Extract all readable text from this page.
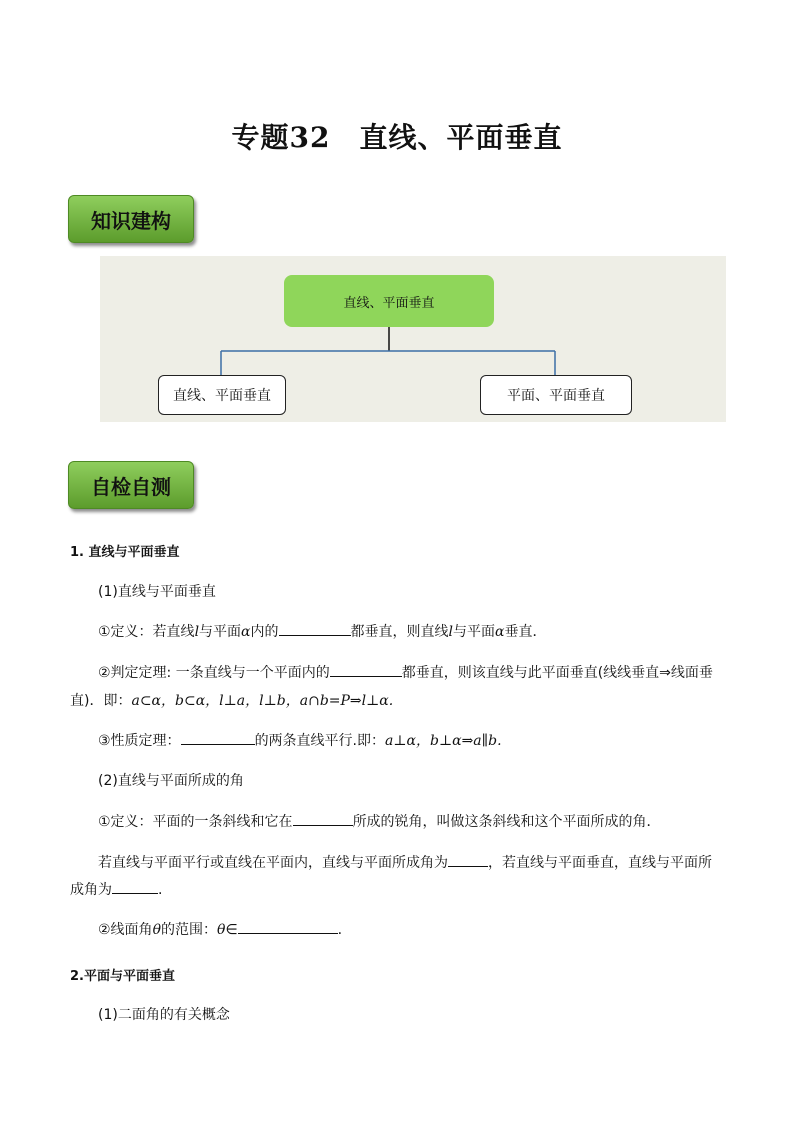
专题32　直线、平面垂直
知识建构
直线、平面垂直
直线、平面垂直	平面、平面垂直
自检自测
1. 直线与平面垂直
(1)直线与平面垂直
①定义：若直线l与平面α内的	都垂直，则直线l与平面α垂直．
②判定定理: 一条直线与一个平面内的	都垂直，则该直线与此平面垂直(线线垂直⇒线面垂
直)．即：a⊂α，b⊂α，l⊥a，l⊥b，a∩b=P⇒l⊥α.
③性质定理：	的两条直线平行.即：a⊥α，b⊥α⇒a∥b.
(2)直线与平面所成的角
①定义：平面的一条斜线和它在	所成的锐角，叫做这条斜线和这个平面所成的角．
若直线与平面平行或直线在平面内，直线与平面所成角为	，若直线与平面垂直，直线与平面所
成角为	.
②线面角θ的范围：θ∈	.
2.平面与平面垂直
(1)二面角的有关概念
